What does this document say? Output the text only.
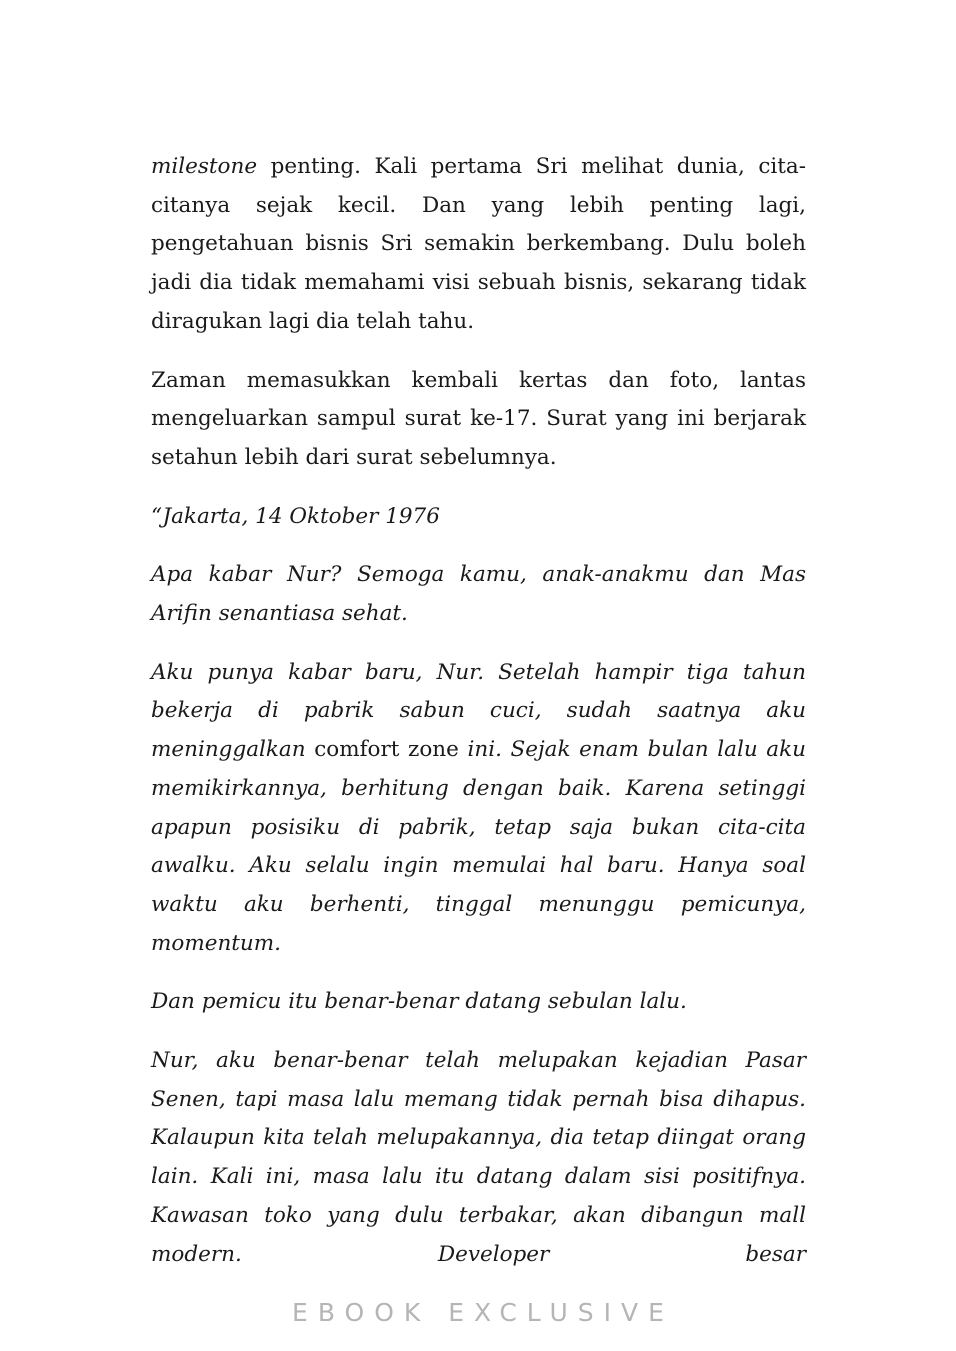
milestone penting. Kali pertama Sri melihat dunia, cita-citanya sejak kecil. Dan yang lebih penting lagi, pengetahuan bisnis Sri semakin berkembang. Dulu boleh jadi dia tidak memahami visi sebuah bisnis, sekarang tidak diragukan lagi dia telah tahu.

Zaman memasukkan kembali kertas dan foto, lantas mengeluarkan sampul surat ke-17. Surat yang ini berjarak setahun lebih dari surat sebelumnya.

“Jakarta, 14 Oktober 1976

Apa kabar Nur? Semoga kamu, anak-anakmu dan Mas Arifin senantiasa sehat.

Aku punya kabar baru, Nur. Setelah hampir tiga tahun bekerja di pabrik sabun cuci, sudah saatnya aku meninggalkan comfort zone ini. Sejak enam bulan lalu aku memikirkannya, berhitung dengan baik. Karena setinggi apapun posisiku di pabrik, tetap saja bukan cita-cita awalku. Aku selalu ingin memulai hal baru. Hanya soal waktu aku berhenti, tinggal menunggu pemicunya, momentum.

Dan pemicu itu benar-benar datang sebulan lalu.

Nur, aku benar-benar telah melupakan kejadian Pasar Senen, tapi masa lalu memang tidak pernah bisa dihapus. Kalaupun kita telah melupakannya, dia tetap diingat orang lain. Kali ini, masa lalu itu datang dalam sisi positifnya. Kawasan toko yang dulu terbakar, akan dibangun mall modern. Developer besar

EBOOK EXCLUSIVE
